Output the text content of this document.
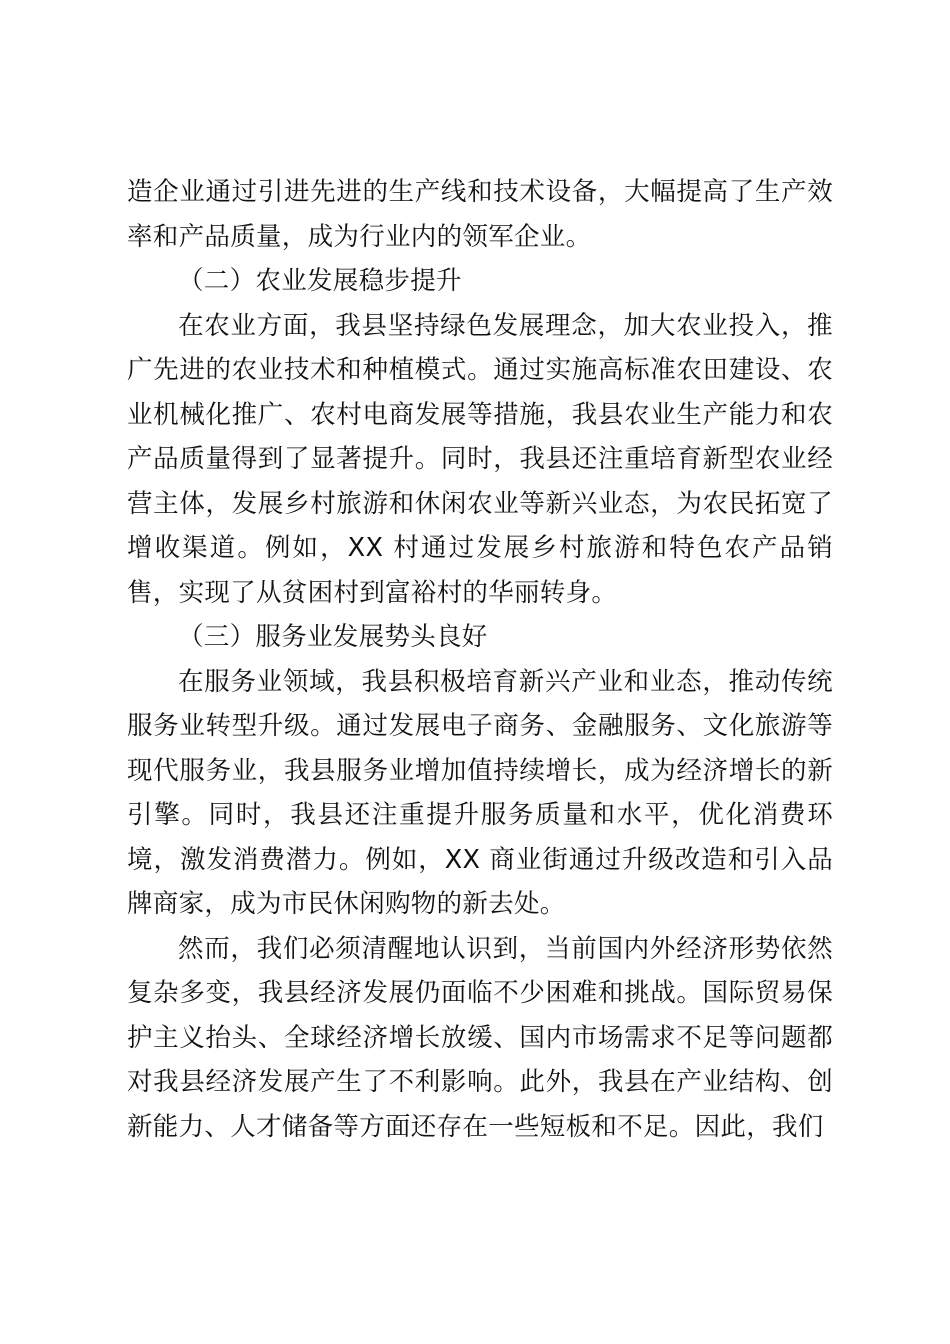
造企业通过引进先进的生产线和技术设备，大幅提高了生产效率和产品质量，成为行业内的领军企业。

（二）农业发展稳步提升

在农业方面，我县坚持绿色发展理念，加大农业投入，推广先进的农业技术和种植模式。通过实施高标准农田建设、农业机械化推广、农村电商发展等措施，我县农业生产能力和农产品质量得到了显著提升。同时，我县还注重培育新型农业经营主体，发展乡村旅游和休闲农业等新兴业态，为农民拓宽了增收渠道。例如，XX 村通过发展乡村旅游和特色农产品销售，实现了从贫困村到富裕村的华丽转身。

（三）服务业发展势头良好

在服务业领域，我县积极培育新兴产业和业态，推动传统服务业转型升级。通过发展电子商务、金融服务、文化旅游等现代服务业，我县服务业增加值持续增长，成为经济增长的新引擎。同时，我县还注重提升服务质量和水平，优化消费环境，激发消费潜力。例如，XX 商业街通过升级改造和引入品牌商家，成为市民休闲购物的新去处。

然而，我们必须清醒地认识到，当前国内外经济形势依然复杂多变，我县经济发展仍面临不少困难和挑战。国际贸易保护主义抬头、全球经济增长放缓、国内市场需求不足等问题都对我县经济发展产生了不利影响。此外，我县在产业结构、创新能力、人才储备等方面还存在一些短板和不足。因此，我们
